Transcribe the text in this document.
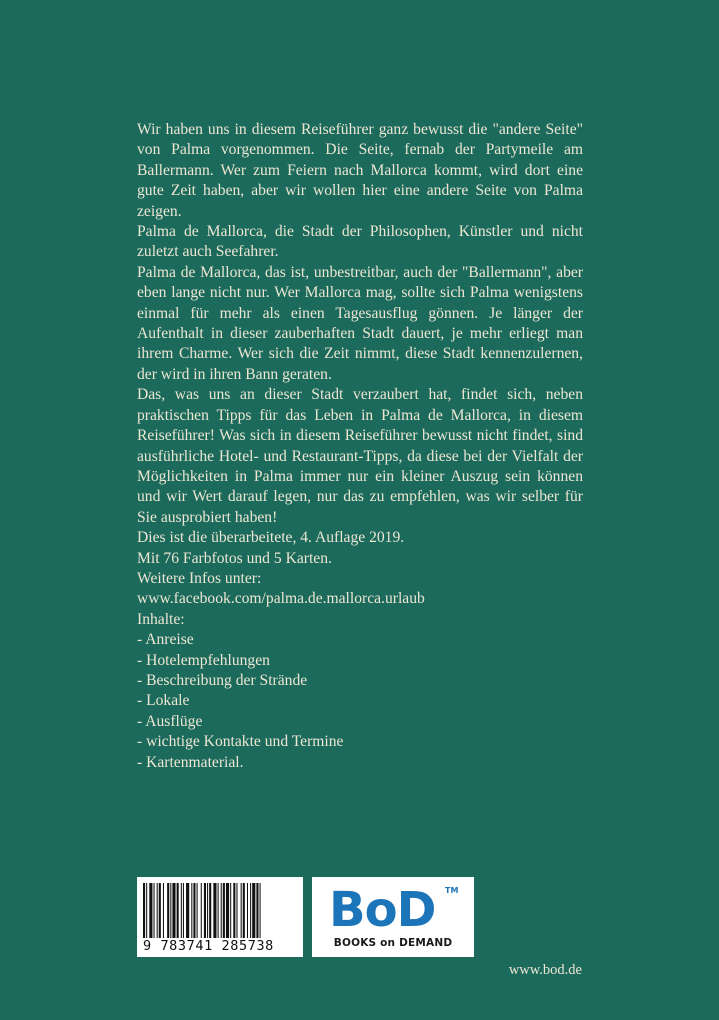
Wir haben uns in diesem Reiseführer ganz bewusst die "andere Seite" von Palma vorgenommen. Die Seite, fernab der Partymeile am Ballermann. Wer zum Feiern nach Mallorca kommt, wird dort eine gute Zeit haben, aber wir wollen hier eine andere Seite von Palma zeigen.

Palma de Mallorca, die Stadt der Philosophen, Künstler und nicht zuletzt auch Seefahrer.

Palma de Mallorca, das ist, unbestreitbar, auch der "Ballermann", aber eben lange nicht nur. Wer Mallorca mag, sollte sich Palma wenigstens einmal für mehr als einen Tagesausflug gönnen. Je länger der Aufenthalt in dieser zauberhaften Stadt dauert, je mehr erliegt man ihrem Charme. Wer sich die Zeit nimmt, diese Stadt kennenzulernen, der wird in ihren Bann geraten.

Das, was uns an dieser Stadt verzaubert hat, findet sich, neben praktischen Tipps für das Leben in Palma de Mallorca, in diesem Reiseführer! Was sich in diesem Reiseführer bewusst nicht findet, sind ausführliche Hotel- und Restaurant-Tipps, da diese bei der Vielfalt der Möglichkeiten in Palma immer nur ein kleiner Auszug sein können und wir Wert darauf legen, nur das zu empfehlen, was wir selber für Sie ausprobiert haben!

Dies ist die überarbeitete, 4. Auflage 2019.

Mit 76 Farbfotos und 5 Karten.

Weitere Infos unter:

www.facebook.com/palma.de.mallorca.urlaub

Inhalte:

- Anreise
- Hotelempfehlungen
- Beschreibung der Strände
- Lokale
- Ausflüge
- wichtige Kontakte und Termine
- Kartenmaterial.
9 783741 285738
BoD TM
BOOKS on DEMAND
www.bod.de
